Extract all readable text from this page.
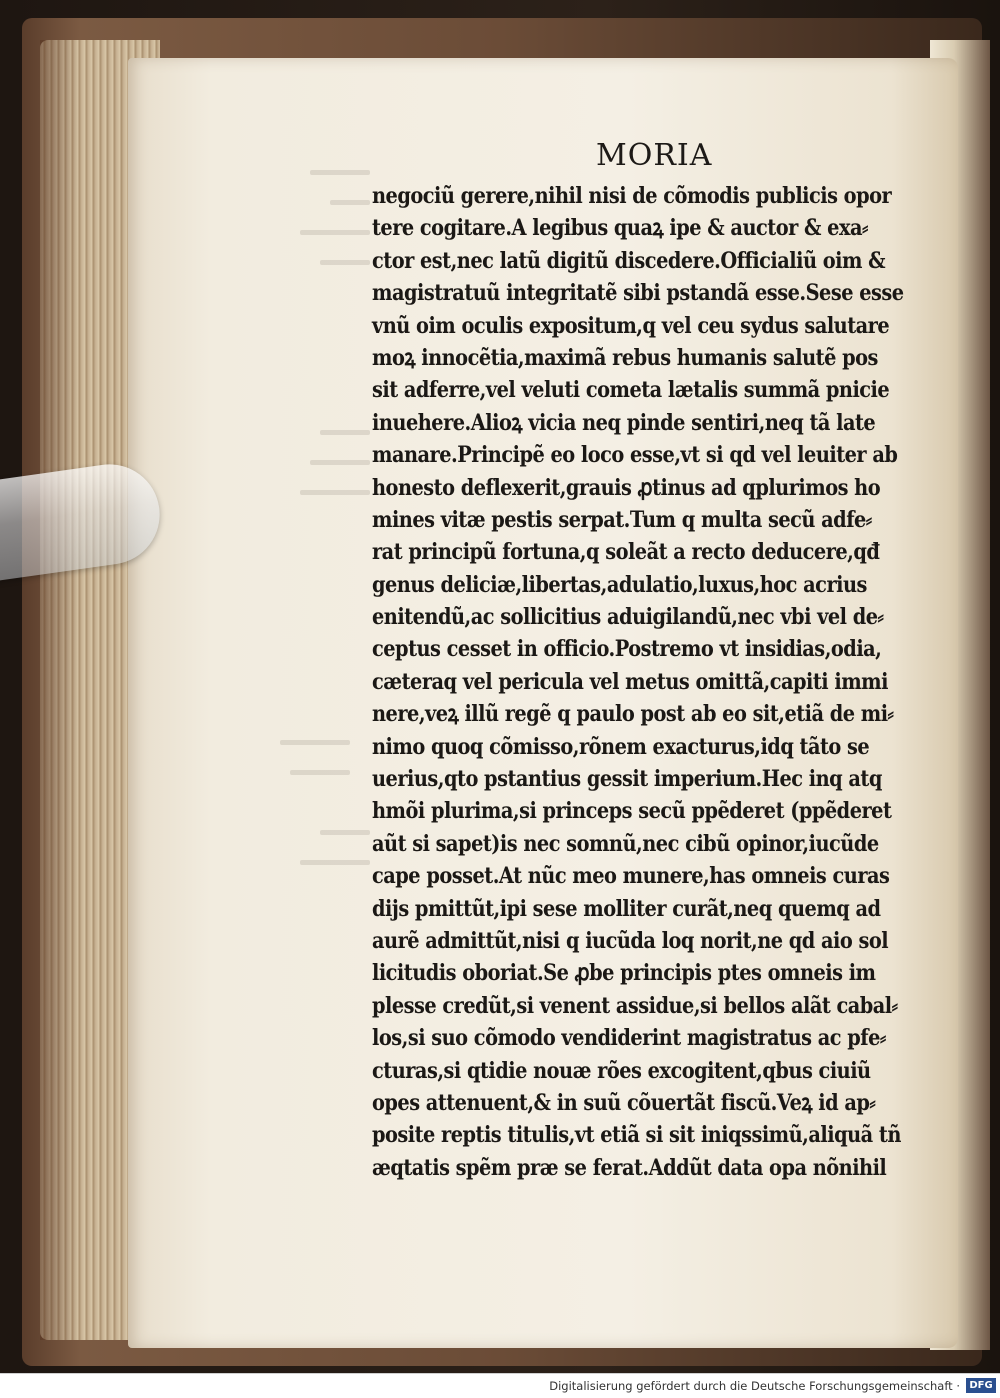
MORIA
negociũ gerere,nihil nisi de cõmodis publicis opor
tere cogitare.A legibus quaꝝ ipe & auctor & exa⸗
ctor est,nec latũ digitũ discedere.Officialiũ oim &
magistratuũ integritatẽ sibi pstandã esse.Sese esse
vnũ oim oculis expositum,q vel ceu sydus salutare
moꝝ innocẽtia,maximã rebus humanis salutẽ pos
sit adferre,vel veluti cometa lætalis summã pnicie
inuehere.Alioꝝ vicia neq pinde sentiri,neq tã late
manare.Principẽ eo loco esse,vt si qd vel leuiter ab
honesto deflexerit,grauis ꝓtinus ad qplurimos ho
mines vitæ pestis serpat.Tum q multa secũ adfe⸗
rat principũ fortuna,q soleãt a recto deducere,qđ
genus deliciæ,libertas,adulatio,luxus,hoc acrius
enitendũ,ac sollicitius aduigilandũ,nec vbi vel de⸗
ceptus cesset in officio.Postremo vt insidias,odia,
cæteraq vel pericula vel metus omittã,capiti immi
nere,veꝝ illũ regẽ q paulo post ab eo sit,etiã de mi⸗
nimo quoq cõmisso,rõnem exacturus,idq tãto se
uerius,qto pstantius gessit imperium.Hec inq atq
hmõi plurima,si princeps secũ ppẽderet (ppẽderet
aũt si sapet)is nec somnũ,nec cibũ opinor,iucũde
cape posset.At nũc meo munere,has omneis curas
dijs pmittũt,ipi sese molliter curãt,neq quemq ad
aurẽ admittũt,nisi q iucũda loq norit,ne qd aio sol
licitudis oboriat.Se ꝓbe principis ptes omneis im
plesse credũt,si venent assidue,si bellos alãt cabal⸗
los,si suo cõmodo vendiderint magistratus ac pfe⸗
cturas,si qtidie nouæ rões excogitent,qbus ciuiũ
opes attenuent,& in suũ cõuertãt fiscũ.Veꝝ id ap⸗
posite reptis titulis,vt etiã si sit iniqssimũ,aliquã tñ
æqtatis spẽm præ se ferat.Addũt data opa nõnihil
Digitalisierung gefördert durch die Deutsche Forschungsgemeinschaft · DFG
